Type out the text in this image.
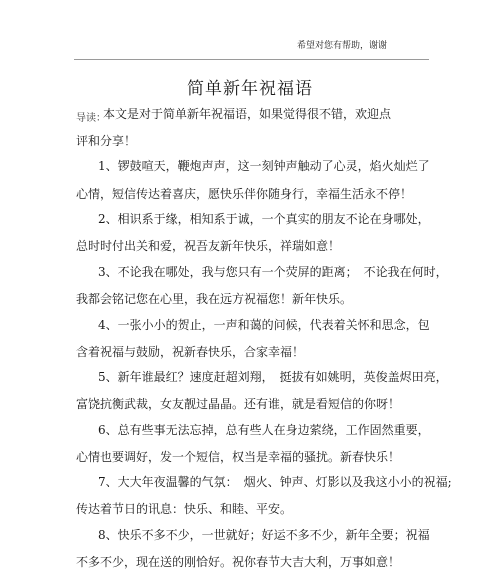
希望对您有帮助，谢谢
简单新年祝福语
导读：
本文是对于简单新年祝福语，如果觉得很不错，欢迎点
评和分享！
1、锣鼓喧天，鞭炮声声，这一刻钟声触动了心灵，焰火灿烂了
心情，短信传达着喜庆，愿快乐伴你随身行，幸福生活永不停！
2、相识系于缘，相知系于诚，一个真实的朋友不论在身哪处，
总时时付出关和爱，祝吾友新年快乐，祥瑞如意！
3、不论我在哪处，我与您只有一个荧屏的距离；　不论我在何时，
我都会铭记您在心里，我在远方祝福您！新年快乐。
4、一张小小的贺止，一声和蔼的问候，代表着关怀和思念，包
含着祝福与鼓励，祝新春快乐，合家幸福！
5、新年谁最红？速度赶超刘翔，　挺拔有如姚明，英俊盖烬田亮，
富饶抗衡武裁，女友靓过晶晶。还有谁，就是看短信的你呀！
6、总有些事无法忘掉，总有些人在身边萦绕，工作固然重要，
心情也要调好，发一个短信，权当是幸福的骚扰。新春快乐！
7、大大年夜温馨的气氛：　烟火、钟声、灯影以及我这小小的祝福;
传达着节日的讯息：快乐、和睦、平安。
8、快乐不多不少，一世就好；好运不多不少，新年全要；祝福
不多不少，现在送的刚恰好。祝你春节大吉大利，万事如意！
